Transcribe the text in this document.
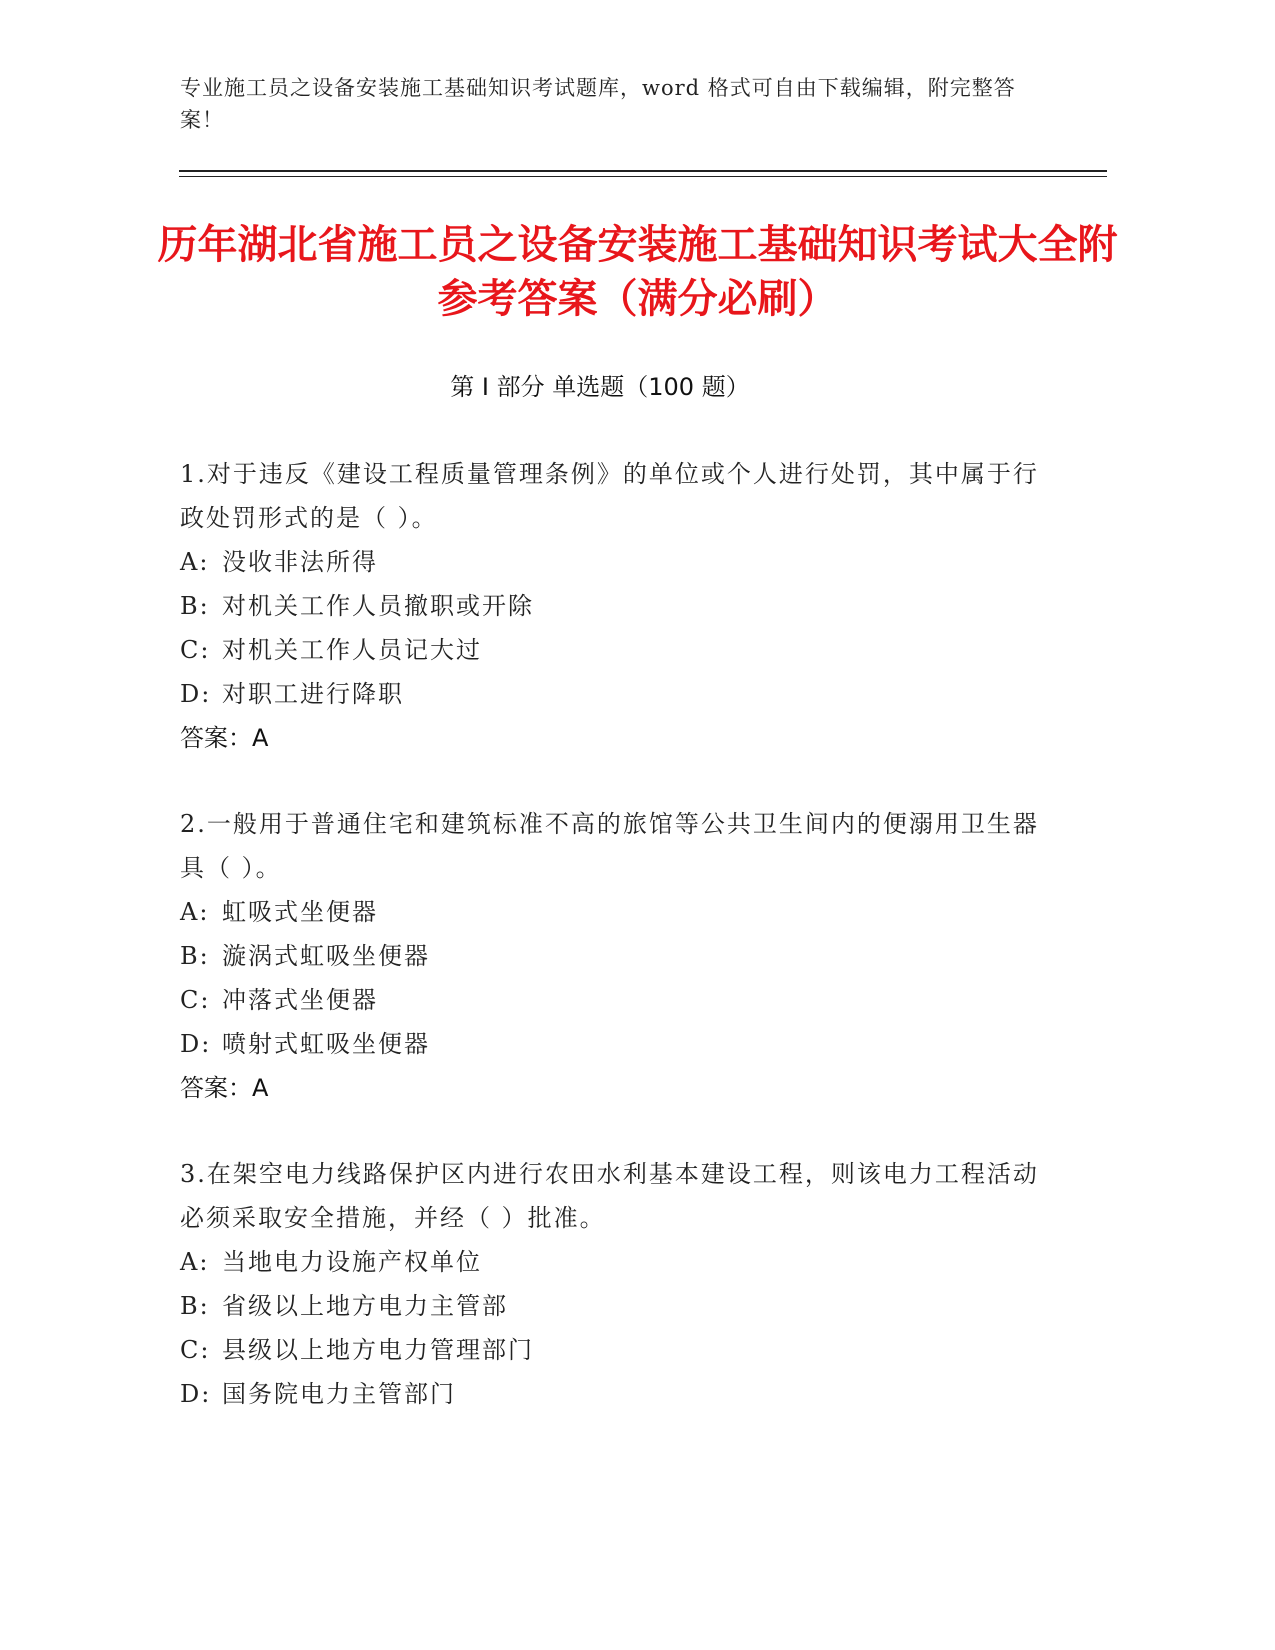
专业施工员之设备安装施工基础知识考试题库，word 格式可自由下载编辑，附完整答案！
历年湖北省施工员之设备安装施工基础知识考试大全附参考答案（满分必刷）
第 I 部分 单选题（100 题）
1.对于违反《建设工程质量管理条例》的单位或个人进行处罚，其中属于行政处罚形式的是（ ）。
A: 没收非法所得
B: 对机关工作人员撤职或开除
C: 对机关工作人员记大过
D: 对职工进行降职
答案：A
2.一般用于普通住宅和建筑标准不高的旅馆等公共卫生间内的便溺用卫生器具（ ）。
A: 虹吸式坐便器
B: 漩涡式虹吸坐便器
C: 冲落式坐便器
D: 喷射式虹吸坐便器
答案：A
3.在架空电力线路保护区内进行农田水利基本建设工程，则该电力工程活动必须采取安全措施，并经（ ）批准。
A: 当地电力设施产权单位
B: 省级以上地方电力主管部
C: 县级以上地方电力管理部门
D: 国务院电力主管部门
